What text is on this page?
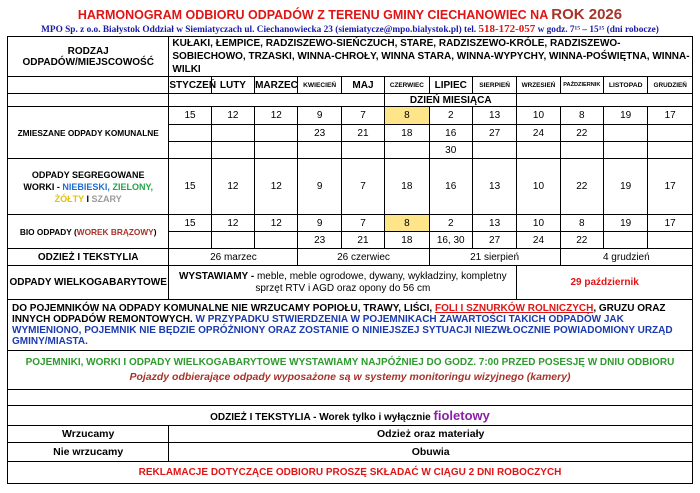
HARMONOGRAM ODBIORU ODPADÓW Z TERENU GMINY CIECHANOWIEC NA ROK 2026
MPO Sp. z o.o. Białystok Oddział w Siemiatyczach ul. Ciechanowiecka 23 (siemiatycze@mpo.bialystok.pl) tel. 518-172-057 w godz. 7¹⁵ – 15¹⁵ (dni robocze)
RODZAJ ODPADÓW/MIEJSCOWOŚĆ	KUŁAKI, ŁEMPICE, RADZISZEWO-SIEŃCZUCH, STARE, RADZISZEWO-KRÓLE, RADZISZEWO-SOBIECHOWO, TRZASKI, WINNA-CHROŁY, WINNA STARA, WINNA-WYPYCHY, WINNA-POŚWIĘTNA, WINNA-WILKI											
	STYCZEŃ	LUTY	MARZEC	KWIECIEŃ	MAJ	CZERWIEC	LIPIEC	SIERPIEŃ	WRZESIEŃ	PAŹDZIERNIK	LISTOPAD	GRUDZIEŃ
						DZIEŃ MIESIĄCA						
ZMIESZANE ODPADY KOMUNALNE	15	12	12	9	7	8	2	13	10	8	19	17
				23	21	18	16	27	24	22		
							30					

ODPADY SEGREGOWANE
WORKI - NIEBIESKI, ZIELONY,
ŻÓŁTY I SZARY	15	12	12	9	7	18	16	13	10	22	19	17
BIO ODPADY (WOREK BRĄZOWY)	15	12	12	9	7	8	2	13	10	8	19	17
				23	21	18	16, 30	27	24	22		
ODZIEŻ I TEKSTYLIA	26 marzec			26 czerwiec			21 sierpień			4 grudzień		
ODPADY WIELKOGABARYTOWE	WYSTAWIAMY - meble, meble ogrodowe, dywany, wykładziny, kompletny sprzęt RTV i AGD oraz opony do 56 cm								29 październik			
DO POJEMNIKÓW NA ODPADY KOMUNALNE NIE WRZUCAMY POPIOŁU, TRAWY, LIŚCI, FOLI I SZNURKÓW ROLNICZYCH, GRUZU ORAZ INNYCH ODPADÓW REMONTOWYCH. W PRZYPADKU STWIERDZENIA W POJEMNIKACH ZAWARTOŚCI TAKICH ODPADÓW JAK WYMIENIONO, POJEMNIK NIE BĘDZIE OPRÓŻNIONY ORAZ ZOSTANIE O NINIEJSZEJ SYTUACJI NIEZWŁOCZNIE POWIADOMIONY URZĄD GMINY/MIASTA.												
POJEMNIKI, WORKI I ODPADY WIELKOGABARYTOWE WYSTAWIAMY NAJPÓŹNIEJ DO GODZ. 7:00 PRZED POSESJĘ W DNIU ODBIORU Pojazdy odbierające odpady wyposażone są w systemy monitoringu wizyjnego (kamery)												

ODZIEŻ I TEKSTYLIA - Worek tylko i wyłącznie fioletowy												
Wrzucamy	Odzież oraz materiały											
Nie wrzucamy	Obuwia											
REKLAMACJE DOTYCZĄCE ODBIORU PROSZĘ SKŁADAĆ W CIĄGU 2 DNI ROBOCZYCH												
